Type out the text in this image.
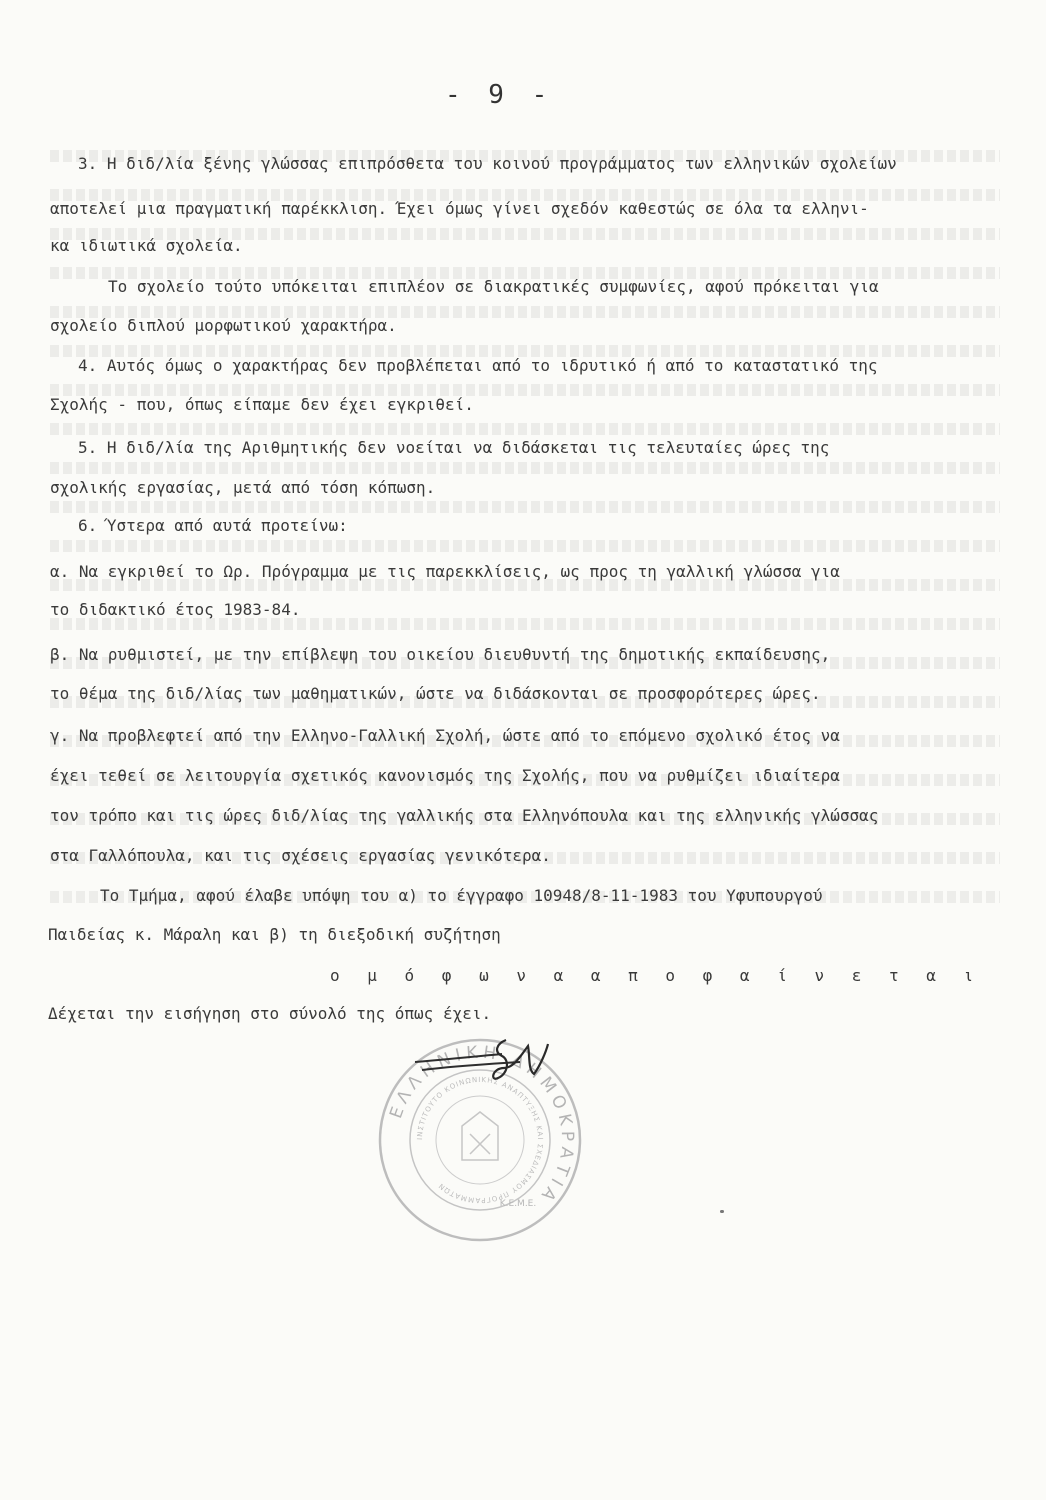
- 9 -
3. Η διδ/λία ξένης γλώσσας επιπρόσθετα του κοινού προγράμματος των ελληνικών σχολείων
αποτελεί μια πραγματική παρέκκλιση. Έχει όμως γίνει σχεδόν καθεστώς σε όλα τα ελληνι-
κα ιδιωτικά σχολεία.
Το σχολείο τούτο υπόκειται επιπλέον σε διακρατικές συμφωνίες, αφού πρόκειται για
σχολείο διπλού μορφωτικού χαρακτήρα.
4. Αυτός όμως ο χαρακτήρας δεν προβλέπεται από το ιδρυτικό ή από το καταστατικό της
Σχολής - που, όπως είπαμε δεν έχει εγκριθεί.
5. Η διδ/λία της Αριθμητικής δεν νοείται να διδάσκεται τις τελευταίες ώρες της
σχολικής εργασίας, μετά από τόση κόπωση.
6. Ύστερα από αυτά προτείνω:
α. Να εγκριθεί το Ωρ. Πρόγραμμα με τις παρεκκλίσεις, ως προς τη γαλλική γλώσσα για
το διδακτικό έτος 1983-84.
β. Να ρυθμιστεί, με την επίβλεψη του οικείου διευθυντή της δημοτικής εκπαίδευσης,
το θέμα της διδ/λίας των μαθηματικών, ώστε να διδάσκονται σε προσφορότερες ώρες.
γ. Να προβλεφτεί από την Ελληνο-Γαλλική Σχολή, ώστε από το επόμενο σχολικό έτος να
έχει τεθεί σε λειτουργία σχετικός κανονισμός της Σχολής, που να ρυθμίζει ιδιαίτερα
τον τρόπο και τις ώρες διδ/λίας της γαλλικής στα Ελληνόπουλα και της ελληνικής γλώσσας
στα Γαλλόπουλα, και τις σχέσεις εργασίας γενικότερα.
Το Τμήμα, αφού έλαβε υπόψη του α) το έγγραφο 10948/8-11-1983 του Υφυπουργού
Παιδείας κ. Μάραλη και β) τη διεξοδική συζήτηση
ο μ ό φ ω ν α α π ο φ α ί ν ε τ α ι
Δέχεται την εισήγηση στο σύνολό της όπως έχει.
ΕΛΛΗΝΙΚΗ ΔΗΜΟΚΡΑΤΙΑ
ΙΝΣΤΙΤΟΥΤΟ ΚΟΙΝΩΝΙΚΗΣ ΑΝΑΠΤΥΞΗΣ ΚΑΙ ΣΧΕΔΙΑΣΜΟΥ ΠΡΟΓΡΑΜΜΑΤΩΝ
Κ.Ε.Μ.Ε.
